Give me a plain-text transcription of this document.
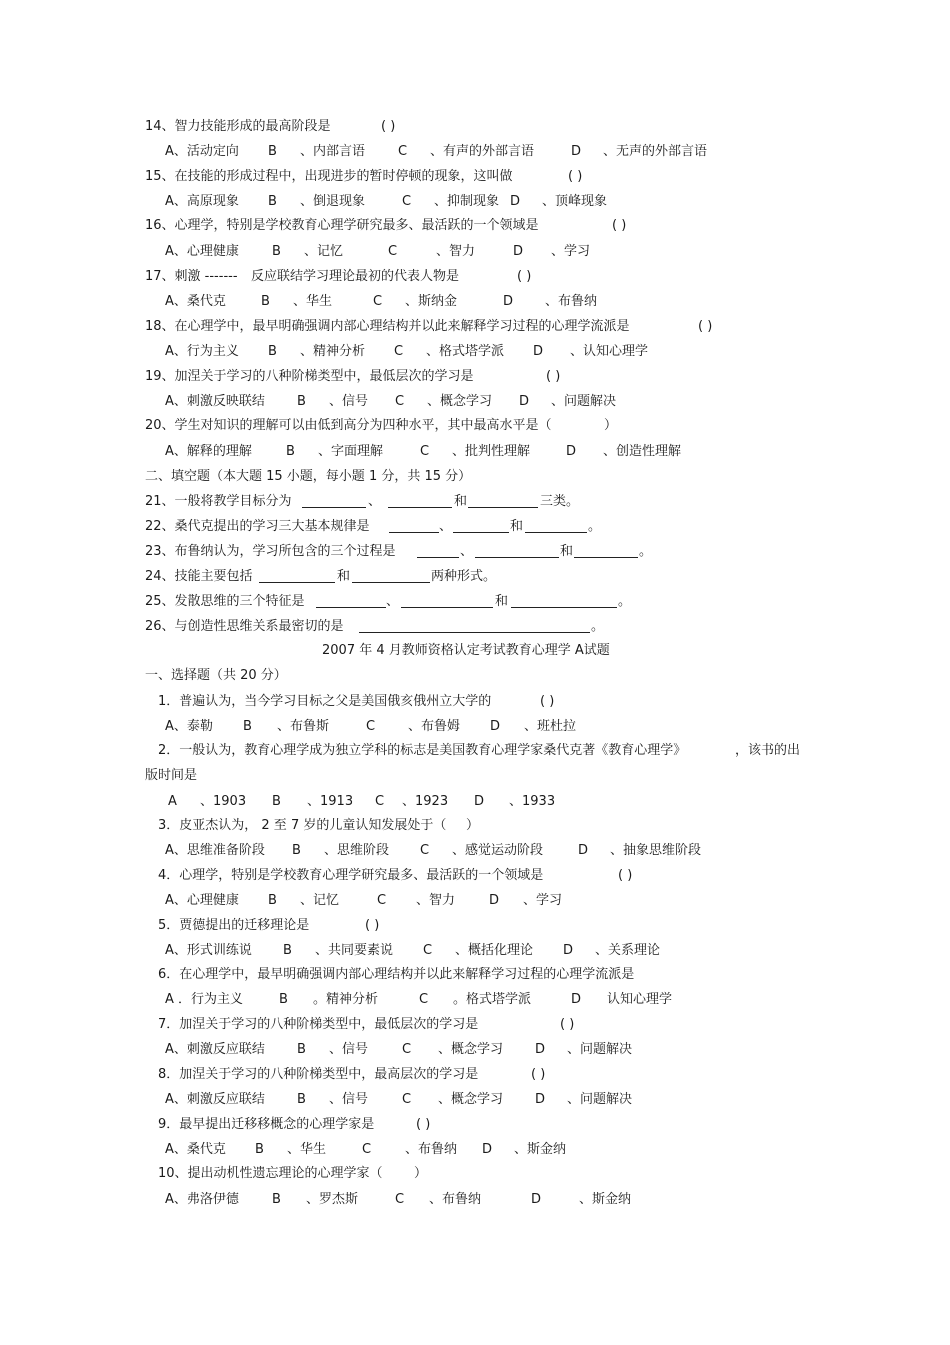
14、智力技能形成的最高阶段是	( )
A、活动定向 B 、内部言语	C 、有声的外部言语	D 、无声的外部言语
15、在技能的形成过程中，出现进步的暂时停顿的现象，这叫做	( )
A、高原现象 B 、倒退现象	C 、抑制现象 D 、顶峰现象
16、心理学，特别是学校教育心理学研究最多、最活跃的一个领域是	( )
A、心理健康	B 、记忆	C	、智力	D 、学习
17、刺激 ------- 反应联结学习理论最初的代表人物是	( )
A、桑代克	B 、华生	C 、斯纳金	D 、布鲁纳
18、在心理学中，最早明确强调内部心理结构并以此来解释学习过程的心理学流派是	( )
A、行为主义 B 、精神分析 C 、格式塔学派 D 、认知心理学
19、加涅关于学习的八种阶梯类型中，最低层次的学习是	( )
A、刺激反映联结 B 、信号 C 、概念学习 D 、问题解决
20、学生对知识的理解可以由低到高分为四种水平，其中最高水平是（	）
A、解释的理解	B 、字面理解	C 、批判性理解	D 、创造性理解
二、填空题（本大题 15 小题，每小题 1 分，共 15 分）
21、一般将教学目标分为	、	和	三类。
22、桑代克提出的学习三大基本规律是	、	和	。
23、布鲁纳认为，学习所包含的三个过程是	、	和	。
24、技能主要包括	和	两种形式。
25、发散思维的三个特征是	、	和	。
26、与创造性思维关系最密切的是	。
2007 年 4 月教师资格认定考试教育心理学 A试题
一、选择题（共 20 分）
1．普遍认为，当今学习目标之父是美国俄亥俄州立大学的	( )
A、泰勒 B 、布鲁斯	C	、布鲁姆 D 、班杜拉
2．一般认为，教育心理学成为独立学科的标志是美国教育心理学家桑代克著《教育心理学》	，该书的出
版时间是
A 、1903 B 、1913 C 、1923 D 、1933
3．皮亚杰认为， 2 至 7 岁的儿童认知发展处于（ ）
A、思维准备阶段 B 、思维阶段 C 、感觉运动阶段	D 、抽象思维阶段
4．心理学，特别是学校教育心理学研究最多、最活跃的一个领域是	( )
A、心理健康 B 、记忆	C 、智力	D 、学习
5．贾德提出的迁移理论是	( )
A、形式训练说 B 、共同要素说 C 、概括化理论 D 、关系理论
6．在心理学中，最早明确强调内部心理结构并以此来解释学习过程的心理学流派是
A ．行为主义	B 。精神分析	C 。格式塔学派	D 认知心理学
7．加涅关于学习的八种阶梯类型中，最低层次的学习是	( )
A、刺激反应联结 B 、信号	C 、概念学习 D 、问题解决
8．加涅关于学习的八种阶梯类型中，最高层次的学习是	( )
A、刺激反应联结 B 、信号	C 、概念学习 D 、问题解决
9．最早提出迁移移概念的心理学家是	( )
A、桑代克 B 、华生	C	、布鲁纳 D 、斯金纳
10、提出动机性遗忘理论的心理学家（ ）
A、弗洛伊德	B 、罗杰斯	C 、布鲁纳	D	、斯金纳
